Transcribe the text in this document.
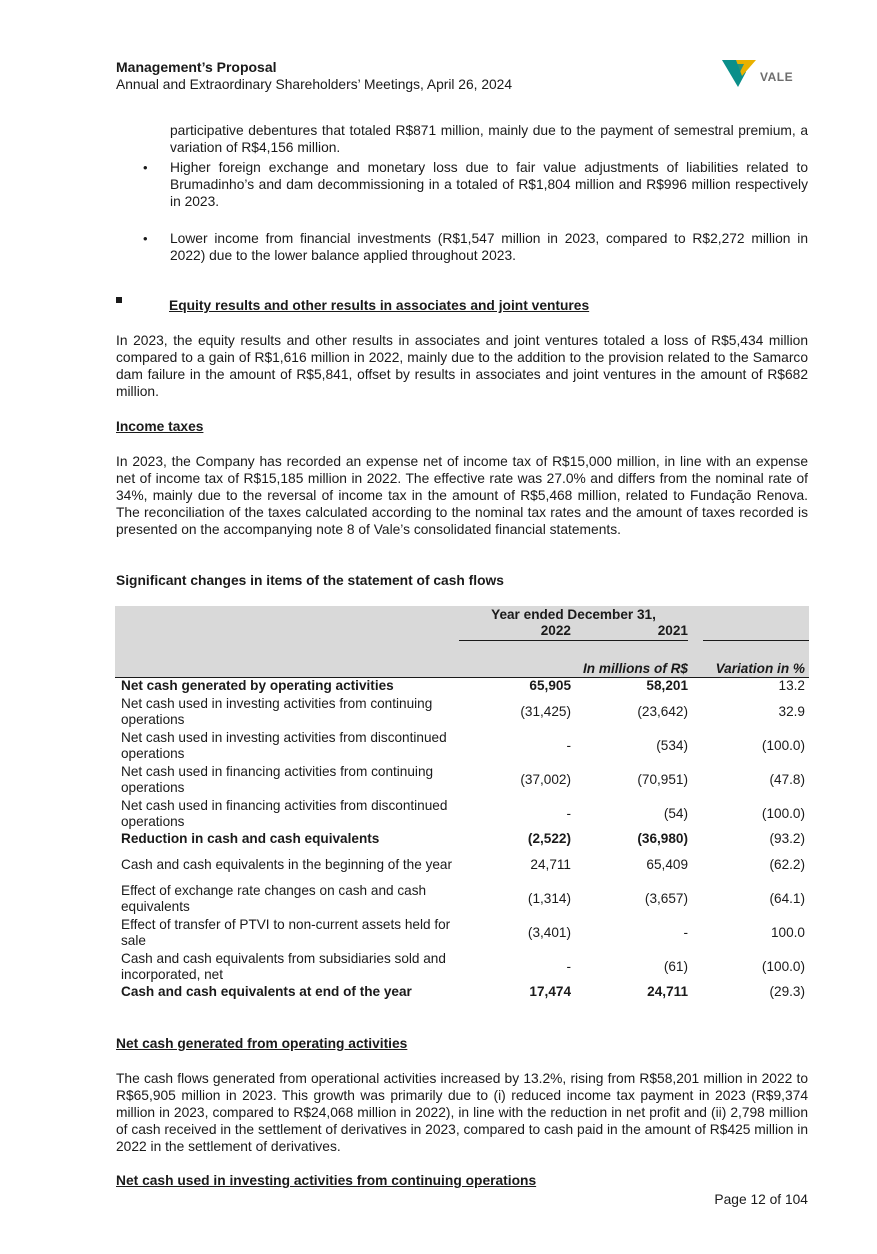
Management’s Proposal
Annual and Extraordinary Shareholders’ Meetings, April 26, 2024	VALE
participative debentures that totaled R$871 million, mainly due to the payment of semestral premium, a variation of R$4,156 million.
• Higher foreign exchange and monetary loss due to fair value adjustments of liabilities related to Brumadinho’s and dam decommissioning in a totaled of R$1,804 million and R$996 million respectively in 2023.
• Lower income from financial investments (R$1,547 million in 2023, compared to R$2,272 million in 2022) due to the lower balance applied throughout 2023.
Equity results and other results in associates and joint ventures
In 2023, the equity results and other results in associates and joint ventures totaled a loss of R$5,434 million compared to a gain of R$1,616 million in 2022, mainly due to the addition to the provision related to the Samarco dam failure in the amount of R$5,841, offset by results in associates and joint ventures in the amount of R$682 million.
Income taxes
In 2023, the Company has recorded an expense net of income tax of R$15,000 million, in line with an expense net of income tax of R$15,185 million in 2022. The effective rate was 27.0% and differs from the nominal rate of 34%, mainly due to the reversal of income tax in the amount of R$5,468 million, related to Fundação Renova. The reconciliation of the taxes calculated according to the nominal tax rates and the amount of taxes recorded is presented on the accompanying note 8 of Vale’s consolidated financial statements.
Significant changes in items of the statement of cash flows

	Year ended December 31,
2022 2021			

		In millions of R$		Variation in %
Net cash generated by operating activities	65,905	58,201		13.2
Net cash used in investing activities from continuing operations	(31,425)	(23,642)		32.9
Net cash used in investing activities from discontinued operations	-	(534)		(100.0)
Net cash used in financing activities from continuing operations	(37,002)	(70,951)		(47.8)
Net cash used in financing activities from discontinued operations	-	(54)		(100.0)
Reduction in cash and cash equivalents	(2,522)	(36,980)		(93.2)
Cash and cash equivalents in the beginning of the year	24,711	65,409		(62.2)
Effect of exchange rate changes on cash and cash equivalents	(1,314)	(3,657)		(64.1)
Effect of transfer of PTVI to non-current assets held for sale	(3,401)	-		100.0
Cash and cash equivalents from subsidiaries sold and incorporated, net	-	(61)		(100.0)
Cash and cash equivalents at end of the year	17,474	24,711		(29.3)
Net cash generated from operating activities
The cash flows generated from operational activities increased by 13.2%, rising from R$58,201 million in 2022 to R$65,905 million in 2023. This growth was primarily due to (i) reduced income tax payment in 2023 (R$9,374 million in 2023, compared to R$24,068 million in 2022), in line with the reduction in net profit and (ii) 2,798 million of cash received in the settlement of derivatives in 2023, compared to cash paid in the amount of R$425 million in 2022 in the settlement of derivatives.
Net cash used in investing activities from continuing operations
Page 12 of 104
